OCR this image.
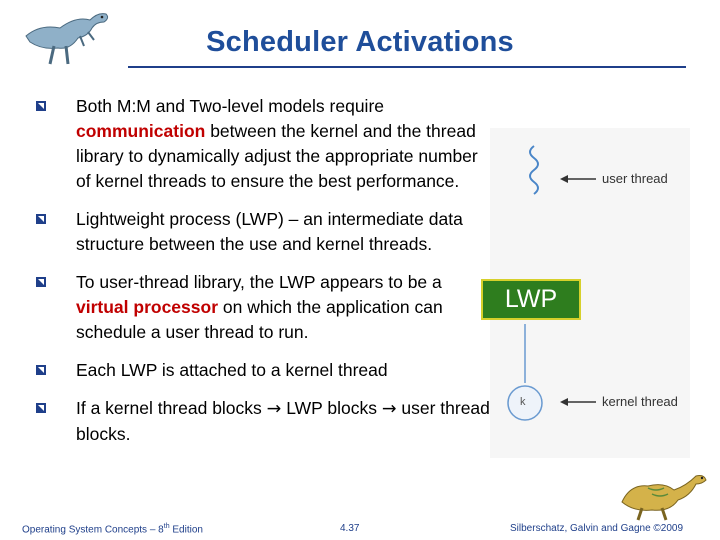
Scheduler Activations
Both M:M and Two-level models require communication between the kernel and the thread library to dynamically adjust the appropriate number of kernel threads to ensure the best performance.
Lightweight process (LWP) – an intermediate data structure between the use and kernel threads.
To user-thread library, the LWP appears to be a virtual processor on which the application can schedule a user thread to run.
Each LWP is attached to a kernel thread
If a kernel thread blocks → LWP blocks → user thread blocks.
user thread
k	kernel thread
LWP
Operating System Concepts – 8th Edition	4.37	Silberschatz, Galvin and Gagne ©2009
